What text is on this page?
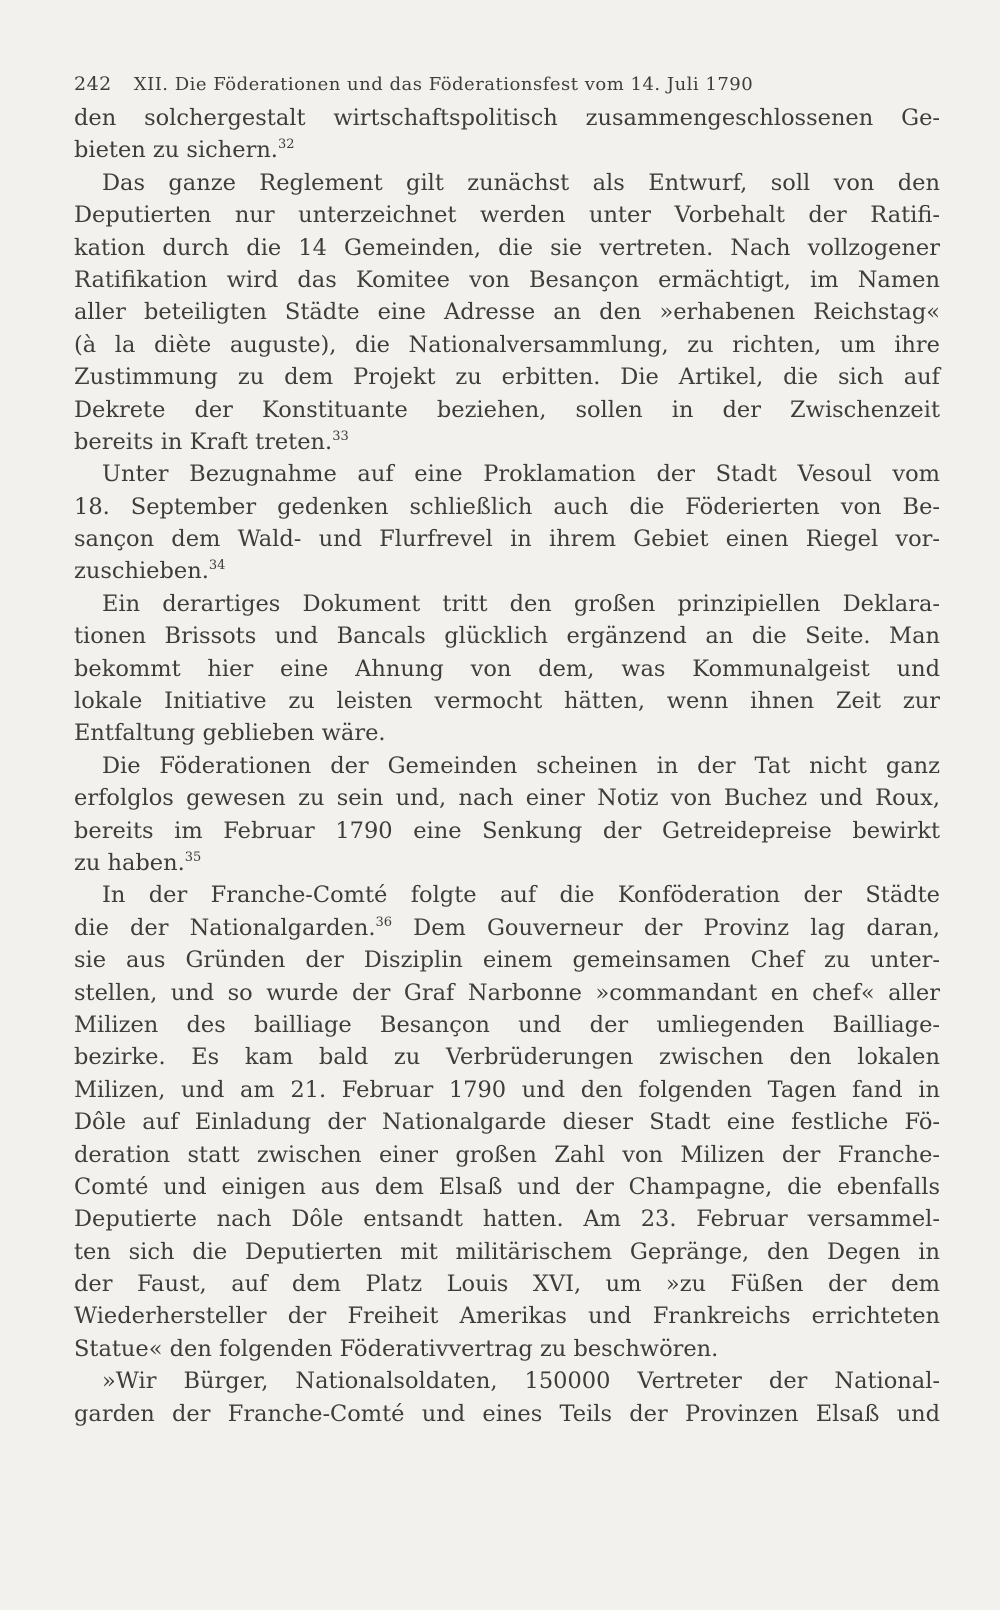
242 XII. Die Föderationen und das Föderationsfest vom 14. Juli 1790
den solchergestalt wirtschaftspolitisch zusammengeschlossenen Ge-
bieten zu sichern.$^{32}$
Das ganze Reglement gilt zunächst als Entwurf, soll von den
Deputierten nur unterzeichnet werden unter Vorbehalt der Ratifi-
kation durch die 14 Gemeinden, die sie vertreten. Nach vollzogener
Ratifikation wird das Komitee von Besançon ermächtigt, im Namen
aller beteiligten Städte eine Adresse an den »erhabenen Reichstag«
(à la diète auguste), die Nationalversammlung, zu richten, um ihre
Zustimmung zu dem Projekt zu erbitten. Die Artikel, die sich auf
Dekrete der Konstituante beziehen, sollen in der Zwischenzeit
bereits in Kraft treten.$^{33}$
Unter Bezugnahme auf eine Proklamation der Stadt Vesoul vom
18. September gedenken schließlich auch die Föderierten von Be-
sançon dem Wald- und Flurfrevel in ihrem Gebiet einen Riegel vor-
zuschieben.$^{34}$
Ein derartiges Dokument tritt den großen prinzipiellen Deklara-
tionen Brissots und Bancals glücklich ergänzend an die Seite. Man
bekommt hier eine Ahnung von dem, was Kommunalgeist und
lokale Initiative zu leisten vermocht hätten, wenn ihnen Zeit zur
Entfaltung geblieben wäre.
Die Föderationen der Gemeinden scheinen in der Tat nicht ganz
erfolglos gewesen zu sein und, nach einer Notiz von Buchez und Roux,
bereits im Februar 1790 eine Senkung der Getreidepreise bewirkt
zu haben.$^{35}$
In der Franche-Comté folgte auf die Konföderation der Städte
die der Nationalgarden.$^{36}$ Dem Gouverneur der Provinz lag daran,
sie aus Gründen der Disziplin einem gemeinsamen Chef zu unter-
stellen, und so wurde der Graf Narbonne »commandant en chef« aller
Milizen des bailliage Besançon und der umliegenden Bailliage-
bezirke. Es kam bald zu Verbrüderungen zwischen den lokalen
Milizen, und am 21. Februar 1790 und den folgenden Tagen fand in
Dôle auf Einladung der Nationalgarde dieser Stadt eine festliche Fö-
deration statt zwischen einer großen Zahl von Milizen der Franche-
Comté und einigen aus dem Elsaß und der Champagne, die ebenfalls
Deputierte nach Dôle entsandt hatten. Am 23. Februar versammel-
ten sich die Deputierten mit militärischem Gepränge, den Degen in
der Faust, auf dem Platz Louis XVI, um »zu Füßen der dem
Wiederhersteller der Freiheit Amerikas und Frankreichs errichteten
Statue« den folgenden Föderativvertrag zu beschwören.
»Wir Bürger, Nationalsoldaten, 150000 Vertreter der National-
garden der Franche-Comté und eines Teils der Provinzen Elsaß und
